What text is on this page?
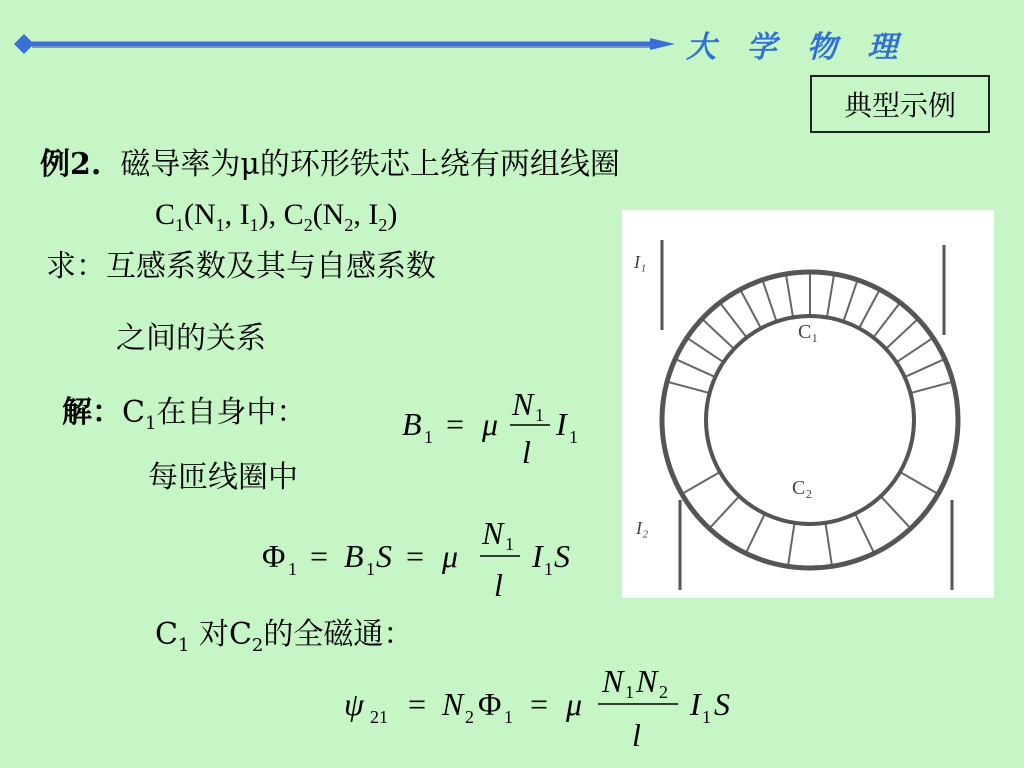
大 学 物 理
典型示例
例2. 磁导率为μ的环形铁芯上绕有两组线圈
$C_1(N_1$, $I_1$), $C_2(N_2$, $I_2$)
求：互感系数及其与自感系数
之间的关系
解：$C_1$在自身中：
每匝线圈中
$C_1$ 对$C_2$的全磁通：
B 1 = μ
N 1
l
I 1
Φ 1 = B 1 S = μ
N 1
l
I 1 S
ψ 21 = N 2 Φ 1 = μ
N 1 N 2
l
I 1 S
I₁
C₁
C₂
I₂
